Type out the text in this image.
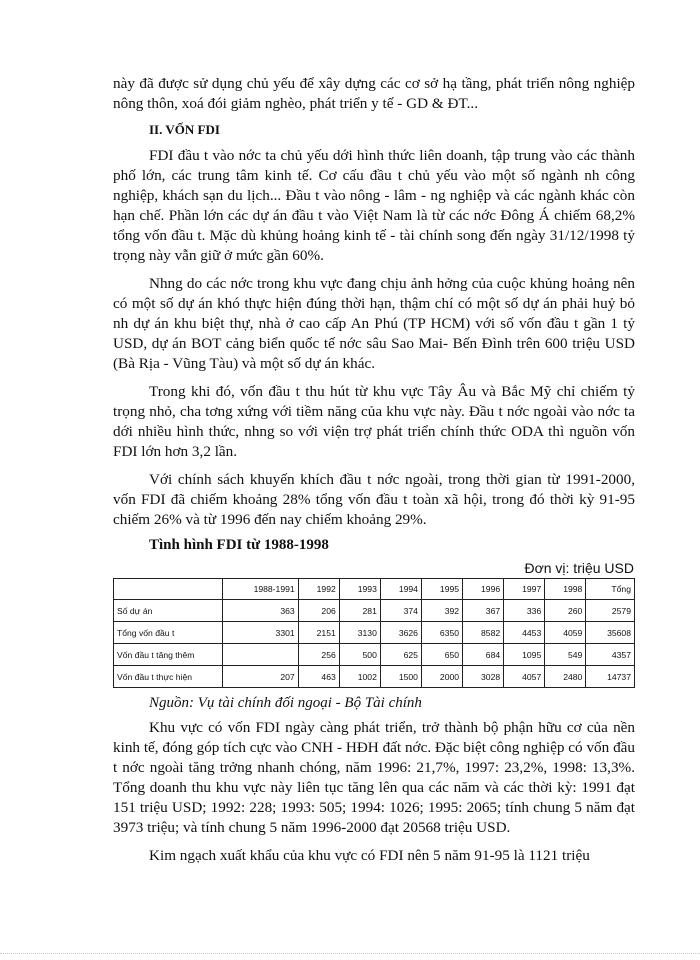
này đã được sử dụng chủ yếu để xây dựng các cơ sở hạ tầng, phát triển nông nghiệp nông thôn, xoá đói giảm nghèo, phát triển y tế - GD & ĐT...

II. VỐN FDI

FDI đầu t vào nớc ta chủ yếu dới hình thức liên doanh, tập trung vào các thành phố lớn, các trung tâm kinh tế. Cơ cấu đầu t chủ yếu vào một số ngành nh công nghiệp, khách sạn du lịch... Đầu t vào nông - lâm - ng nghiệp và các ngành khác còn hạn chế. Phần lớn các dự án đầu t vào Việt Nam là từ các nớc Đông Á chiếm 68,2% tổng vốn đầu t. Mặc dù khủng hoảng kinh tế - tài chính song đến ngày 31/12/1998 tỷ trọng này vẫn giữ ở mức gần 60%.

Nhng do các nớc trong khu vực đang chịu ảnh hởng của cuộc khủng hoảng nên có một số dự án khó thực hiện đúng thời hạn, thậm chí có một số dự án phải huỷ bỏ nh dự án khu biệt thự, nhà ở cao cấp An Phú (TP HCM) với số vốn đầu t gần 1 tỷ USD, dự án BOT cảng biển quốc tế nớc sâu Sao Mai- Bến Đình trên 600 triệu USD (Bà Rịa - Vũng Tàu) và một số dự án khác.

Trong khi đó, vốn đầu t thu hút từ khu vực Tây Âu và Bắc Mỹ chỉ chiếm tỷ trọng nhỏ, cha tơng xứng với tiềm năng của khu vực này. Đầu t nớc ngoài vào nớc ta dới nhiều hình thức, nhng so với viện trợ phát triển chính thức ODA thì nguồn vốn FDI lớn hơn 3,2 lần.

Với chính sách khuyến khích đầu t nớc ngoài, trong thời gian từ 1991-2000, vốn FDI đã chiếm khoảng 28% tổng vốn đầu t toàn xã hội, trong đó thời kỳ 91-95 chiếm 26% và từ 1996 đến nay chiếm khoảng 29%.

Tình hình FDI từ 1988-1998
Đơn vị: triệu USD
	1988-1991	1992	1993	1994	1995	1996	1997	1998	Tổng
Số dự án	363	206	281	374	392	367	336	260	2579
Tổng vốn đầu t	3301	2151	3130	3626	6350	8582	4453	4059	35608
Vốn đầu t tăng thêm		256	500	625	650	684	1095	549	4357
Vốn đầu t thực hiện	207	463	1002	1500	2000	3028	4057	2480	14737
Nguồn: Vụ tài chính đối ngoại - Bộ Tài chính

Khu vực có vốn FDI ngày càng phát triển, trở thành bộ phận hữu cơ của nền kinh tế, đóng góp tích cực vào CNH - HĐH đất nớc. Đặc biệt công nghiệp có vốn đầu t nớc ngoài tăng trởng nhanh chóng, năm 1996: 21,7%, 1997: 23,2%, 1998: 13,3%. Tổng doanh thu khu vực này liên tục tăng lên qua các năm và các thời kỳ: 1991 đạt 151 triệu USD; 1992: 228; 1993: 505; 1994: 1026; 1995: 2065; tính chung 5 năm đạt 3973 triệu; và tính chung 5 năm 1996-2000 đạt 20568 triệu USD.

Kim ngạch xuất khẩu của khu vực có FDI nên 5 năm 91-95 là 1121 triệu
